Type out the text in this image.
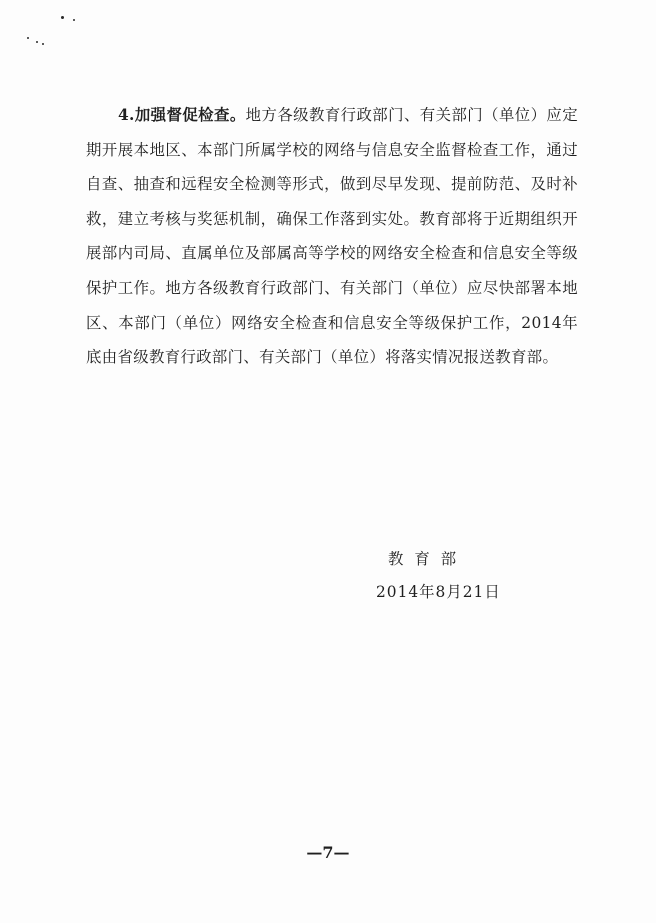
4.加强督促检查。地方各级教育行政部门、有关部门（单位）应定期开展本地区、本部门所属学校的网络与信息安全监督检查工作，通过自查、抽查和远程安全检测等形式，做到尽早发现、提前防范、及时补救，建立考核与奖惩机制，确保工作落到实处。教育部将于近期组织开展部内司局、直属单位及部属高等学校的网络安全检查和信息安全等级保护工作。地方各级教育行政部门、有关部门（单位）应尽快部署本地区、本部门（单位）网络安全检查和信息安全等级保护工作，2014年底由省级教育行政部门、有关部门（单位）将落实情况报送教育部。

教育部

2014年8月21日

—7—
